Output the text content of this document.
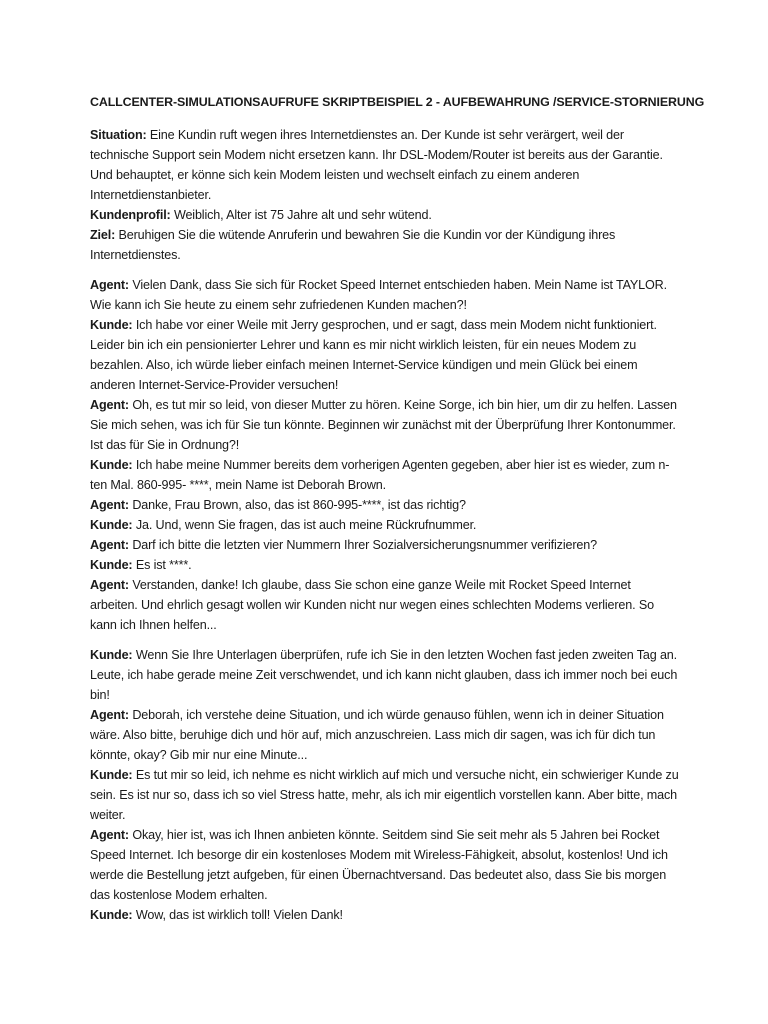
CALLCENTER-SIMULATIONSAUFRUFE SKRIPTBEISPIEL 2 - AUFBEWAHRUNG /SERVICE-STORNIERUNG

Situation: Eine Kundin ruft wegen ihres Internetdienstes an. Der Kunde ist sehr verärgert, weil der technische Support sein Modem nicht ersetzen kann. Ihr DSL-Modem/Router ist bereits aus der Garantie. Und behauptet, er könne sich kein Modem leisten und wechselt einfach zu einem anderen Internetdienstanbieter.

Kundenprofil: Weiblich, Alter ist 75 Jahre alt und sehr wütend.

Ziel: Beruhigen Sie die wütende Anruferin und bewahren Sie die Kundin vor der Kündigung ihres Internetdienstes.

Agent: Vielen Dank, dass Sie sich für Rocket Speed Internet entschieden haben. Mein Name ist TAYLOR. Wie kann ich Sie heute zu einem sehr zufriedenen Kunden machen?!

Kunde: Ich habe vor einer Weile mit Jerry gesprochen, und er sagt, dass mein Modem nicht funktioniert. Leider bin ich ein pensionierter Lehrer und kann es mir nicht wirklich leisten, für ein neues Modem zu bezahlen. Also, ich würde lieber einfach meinen Internet-Service kündigen und mein Glück bei einem anderen Internet-Service-Provider versuchen!

Agent: Oh, es tut mir so leid, von dieser Mutter zu hören. Keine Sorge, ich bin hier, um dir zu helfen. Lassen Sie mich sehen, was ich für Sie tun könnte. Beginnen wir zunächst mit der Überprüfung Ihrer Kontonummer. Ist das für Sie in Ordnung?!

Kunde: Ich habe meine Nummer bereits dem vorherigen Agenten gegeben, aber hier ist es wieder, zum n-ten Mal. 860-995- ****, mein Name ist Deborah Brown.

Agent: Danke, Frau Brown, also, das ist 860-995-****, ist das richtig?

Kunde: Ja. Und, wenn Sie fragen, das ist auch meine Rückrufnummer.

Agent: Darf ich bitte die letzten vier Nummern Ihrer Sozialversicherungsnummer verifizieren?

Kunde: Es ist ****.

Agent: Verstanden, danke! Ich glaube, dass Sie schon eine ganze Weile mit Rocket Speed Internet arbeiten. Und ehrlich gesagt wollen wir Kunden nicht nur wegen eines schlechten Modems verlieren. So kann ich Ihnen helfen...

Kunde: Wenn Sie Ihre Unterlagen überprüfen, rufe ich Sie in den letzten Wochen fast jeden zweiten Tag an. Leute, ich habe gerade meine Zeit verschwendet, und ich kann nicht glauben, dass ich immer noch bei euch bin!

Agent: Deborah, ich verstehe deine Situation, und ich würde genauso fühlen, wenn ich in deiner Situation wäre. Also bitte, beruhige dich und hör auf, mich anzuschreien. Lass mich dir sagen, was ich für dich tun könnte, okay? Gib mir nur eine Minute...

Kunde: Es tut mir so leid, ich nehme es nicht wirklich auf mich und versuche nicht, ein schwieriger Kunde zu sein. Es ist nur so, dass ich so viel Stress hatte, mehr, als ich mir eigentlich vorstellen kann. Aber bitte, mach weiter.

Agent: Okay, hier ist, was ich Ihnen anbieten könnte. Seitdem sind Sie seit mehr als 5 Jahren bei Rocket Speed Internet. Ich besorge dir ein kostenloses Modem mit Wireless-Fähigkeit, absolut, kostenlos! Und ich werde die Bestellung jetzt aufgeben, für einen Übernachtversand. Das bedeutet also, dass Sie bis morgen das kostenlose Modem erhalten.

Kunde: Wow, das ist wirklich toll! Vielen Dank!
